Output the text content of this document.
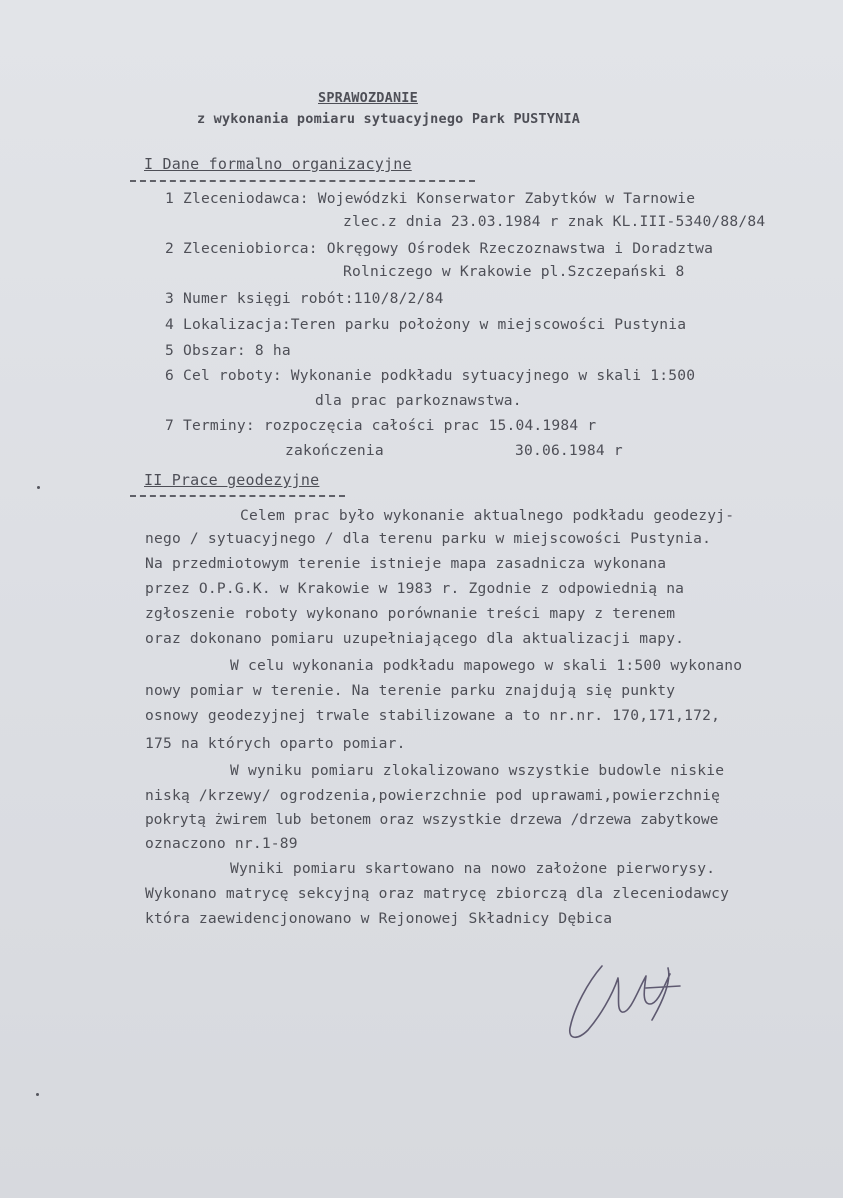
SPRAWOZDANIE
z wykonania pomiaru sytuacyjnego Park PUSTYNIA
I Dane formalno organizacyjne
1 Zleceniodawca: Wojewódzki Konserwator Zabytków w Tarnowie
zlec.z dnia 23.03.1984 r znak KL.III-5340/88/84
2 Zleceniobiorca: Okręgowy Ośrodek Rzeczoznawstwa i Doradztwa
Rolniczego w Krakowie pl.Szczepański 8
3 Numer księgi robót:110/8/2/84
4 Lokalizacja:Teren parku położony w miejscowości Pustynia
5 Obszar: 8 ha
6 Cel roboty: Wykonanie podkładu sytuacyjnego w skali 1:500
dla prac parkoznawstwa.
7 Terminy: rozpoczęcia całości prac 15.04.1984 r
zakończenia	30.06.1984 r
II Prace geodezyjne
Celem prac było wykonanie aktualnego podkładu geodezyj-
nego / sytuacyjnego / dla terenu parku w miejscowości Pustynia.
Na przedmiotowym terenie istnieje mapa zasadnicza wykonana
przez O.P.G.K. w Krakowie w 1983 r. Zgodnie z odpowiednią na
zgłoszenie roboty wykonano porównanie treści mapy z terenem
oraz dokonano pomiaru uzupełniającego dla aktualizacji mapy.
W celu wykonania podkładu mapowego w skali 1:500 wykonano
nowy pomiar w terenie. Na terenie parku znajdują się punkty
osnowy geodezyjnej trwale stabilizowane a to nr.nr. 170,171,172,
175 na których oparto pomiar.
W wyniku pomiaru zlokalizowano wszystkie budowle niskie
niską /krzewy/ ogrodzenia,powierzchnie pod uprawami,powierzchnię
pokrytą żwirem lub betonem oraz wszystkie drzewa /drzewa zabytkowe
oznaczono nr.1-89
Wyniki pomiaru skartowano na nowo założone pierworysy.
Wykonano matrycę sekcyjną oraz matrycę zbiorczą dla zleceniodawcy
która zaewidencjonowano w Rejonowej Składnicy Dębica
